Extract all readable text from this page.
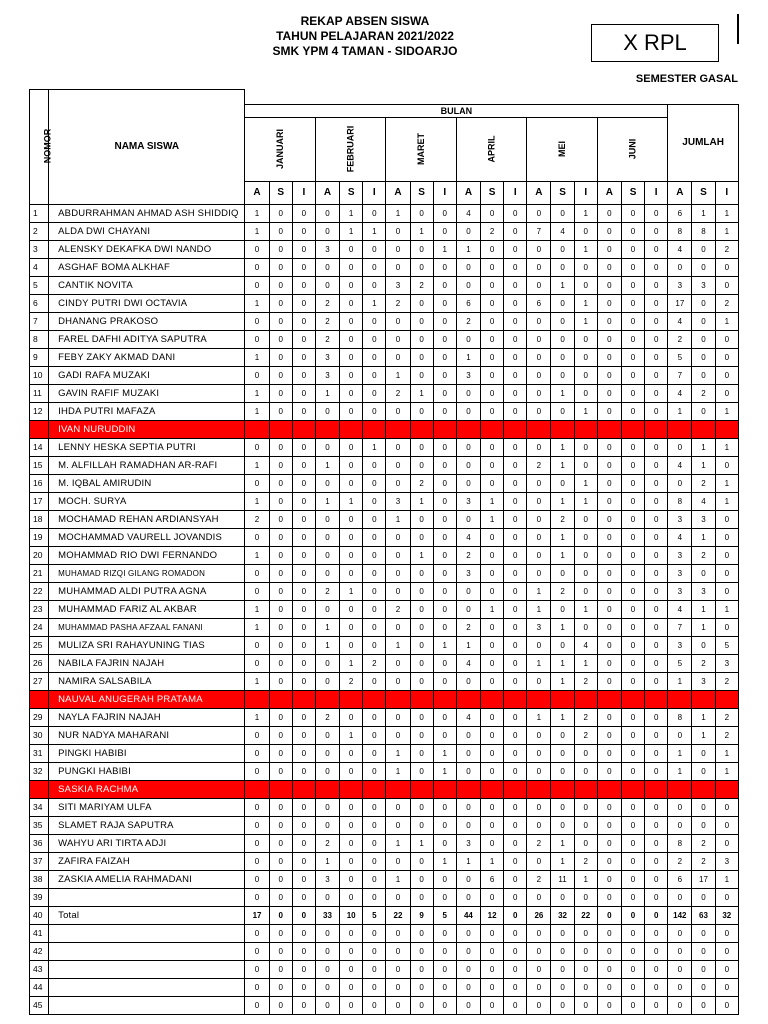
REKAP ABSEN SISWA
TAHUN PELAJARAN 2021/2022
SMK YPM 4 TAMAN - SIDOARJO	X RPL
SEMESTER GASAL
NOMOR	NAMA SISWA																					
		BULAN																		JUMLAH		
		JANUARI			FEBRUARI			MARET			APRIL			MEI			JUNI					
		A	S	I	A	S	I	A	S	I	A	S	I	A	S	I	A	S	I	A	S	I
1	ABDURRAHMAN AHMAD ASH SHIDDIQ	1	0	0	0	1	0	1	0	0	4	0	0	0	0	1	0	0	0	6	1	1
2	ALDA DWI CHAYANI	1	0	0	0	1	1	0	1	0	0	2	0	7	4	0	0	0	0	8	8	1
3	ALENSKY DEKAFKA DWI NANDO	0	0	0	3	0	0	0	0	1	1	0	0	0	0	1	0	0	0	4	0	2
4	ASGHAF BOMA ALKHAF	0	0	0	0	0	0	0	0	0	0	0	0	0	0	0	0	0	0	0	0	0
5	CANTIK NOVITA	0	0	0	0	0	0	3	2	0	0	0	0	0	1	0	0	0	0	3	3	0
6	CINDY PUTRI DWI OCTAVIA	1	0	0	2	0	1	2	0	0	6	0	0	6	0	1	0	0	0	17	0	2
7	DHANANG PRAKOSO	0	0	0	2	0	0	0	0	0	2	0	0	0	0	1	0	0	0	4	0	1
8	FAREL DAFHI ADITYA SAPUTRA	0	0	0	2	0	0	0	0	0	0	0	0	0	0	0	0	0	0	2	0	0
9	FEBY ZAKY AKMAD DANI	1	0	0	3	0	0	0	0	0	1	0	0	0	0	0	0	0	0	5	0	0
10	GADI RAFA MUZAKI	0	0	0	3	0	0	1	0	0	3	0	0	0	0	0	0	0	0	7	0	0
11	GAVIN RAFIF MUZAKI	1	0	0	1	0	0	2	1	0	0	0	0	0	1	0	0	0	0	4	2	0
12	IHDA PUTRI MAFAZA	1	0	0	0	0	0	0	0	0	0	0	0	0	0	1	0	0	0	1	0	1
13	IVAN NURUDDIN	0	0	0	0	0	0	0	0	0	0	0	0	0	0	0	0	0	0	0	0	0
14	LENNY HESKA SEPTIA PUTRI	0	0	0	0	0	1	0	0	0	0	0	0	0	1	0	0	0	0	0	1	1
15	M. ALFILLAH RAMADHAN AR-RAFI	1	0	0	1	0	0	0	0	0	0	0	0	2	1	0	0	0	0	4	1	0
16	M. IQBAL AMIRUDIN	0	0	0	0	0	0	0	2	0	0	0	0	0	0	1	0	0	0	0	2	1
17	MOCH. SURYA	1	0	0	1	1	0	3	1	0	3	1	0	0	1	1	0	0	0	8	4	1
18	MOCHAMAD REHAN ARDIANSYAH	2	0	0	0	0	0	1	0	0	0	1	0	0	2	0	0	0	0	3	3	0
19	MOCHAMMAD VAURELL JOVANDIS	0	0	0	0	0	0	0	0	0	4	0	0	0	1	0	0	0	0	4	1	0
20	MOHAMMAD RIO DWI FERNANDO	1	0	0	0	0	0	0	1	0	2	0	0	0	1	0	0	0	0	3	2	0
21	MUHAMAD RIZQI GILANG ROMADON	0	0	0	0	0	0	0	0	0	3	0	0	0	0	0	0	0	0	3	0	0
22	MUHAMMAD ALDI PUTRA AGNA	0	0	0	2	1	0	0	0	0	0	0	0	1	2	0	0	0	0	3	3	0
23	MUHAMMAD FARIZ AL AKBAR	1	0	0	0	0	0	2	0	0	0	1	0	1	0	1	0	0	0	4	1	1
24	MUHAMMAD PASHA AFZAAL FANANI	1	0	0	1	0	0	0	0	0	2	0	0	3	1	0	0	0	0	7	1	0
25	MULIZA SRI RAHAYUNING TIAS	0	0	0	1	0	0	1	0	1	1	0	0	0	0	4	0	0	0	3	0	5
26	NABILA FAJRIN NAJAH	0	0	0	0	1	2	0	0	0	4	0	0	1	1	1	0	0	0	5	2	3
27	NAMIRA SALSABILA	1	0	0	0	2	0	0	0	0	0	0	0	0	1	2	0	0	0	1	3	2
28	NAUVAL ANUGERAH PRATAMA	0	0	0	0	0	0	0	0	0	0	0	0	0	0	0	0	0	0	0	0	0
29	NAYLA FAJRIN NAJAH	1	0	0	2	0	0	0	0	0	4	0	0	1	1	2	0	0	0	8	1	2
30	NUR NADYA MAHARANI	0	0	0	0	1	0	0	0	0	0	0	0	0	0	2	0	0	0	0	1	2
31	PINGKI HABIBI	0	0	0	0	0	0	1	0	1	0	0	0	0	0	0	0	0	0	1	0	1
32	PUNGKI HABIBI	0	0	0	0	0	0	1	0	1	0	0	0	0	0	0	0	0	0	1	0	1
33	SASKIA RACHMA	2	0	0	3	2	0	2	0	0	0	0	0	0	0	0	0	0	0	7	2	0
34	SITI MARIYAM ULFA	0	0	0	0	0	0	0	0	0	0	0	0	0	0	0	0	0	0	0	0	0
35	SLAMET RAJA SAPUTRA	0	0	0	0	0	0	0	0	0	0	0	0	0	0	0	0	0	0	0	0	0
36	WAHYU ARI TIRTA ADJI	0	0	0	2	0	0	1	1	0	3	0	0	2	1	0	0	0	0	8	2	0
37	ZAFIRA FAIZAH	0	0	0	1	0	0	0	0	1	1	1	0	0	1	2	0	0	0	2	2	3
38	ZASKIA AMELIA RAHMADANI	0	0	0	3	0	0	1	0	0	0	6	0	2	11	1	0	0	0	6	17	1
39		0	0	0	0	0	0	0	0	0	0	0	0	0	0	0	0	0	0	0	0	0
40	Total	17	0	0	33	10	5	22	9	5	44	12	0	26	32	22	0	0	0	142	63	32
41		0	0	0	0	0	0	0	0	0	0	0	0	0	0	0	0	0	0	0	0	0
42		0	0	0	0	0	0	0	0	0	0	0	0	0	0	0	0	0	0	0	0	0
43		0	0	0	0	0	0	0	0	0	0	0	0	0	0	0	0	0	0	0	0	0
44		0	0	0	0	0	0	0	0	0	0	0	0	0	0	0	0	0	0	0	0	0
45		0	0	0	0	0	0	0	0	0	0	0	0	0	0	0	0	0	0	0	0	0
